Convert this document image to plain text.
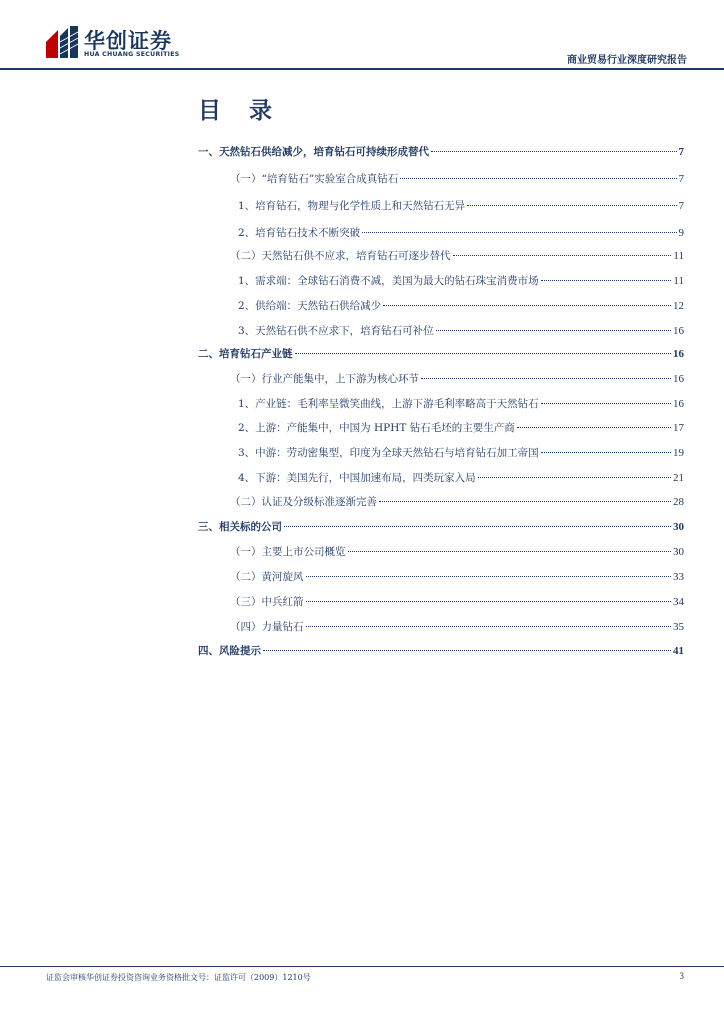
华创证券
HUA CHUANG SECURITIES
商业贸易行业深度研究报告
目 录
一、天然钻石供给减少，培育钻石可持续形成替代	7
（一）“培育钻石”实验室合成真钻石	7
1、培育钻石，物理与化学性质上和天然钻石无异	7
2、培育钻石技术不断突破	9
（二）天然钻石供不应求，培育钻石可逐步替代	11
1、需求端：全球钻石消费不减，美国为最大的钻石珠宝消费市场	11
2、供给端：天然钻石供给减少	12
3、天然钻石供不应求下，培育钻石可补位	16
二、培育钻石产业链	16
（一）行业产能集中，上下游为核心环节	16
1、产业链：毛利率呈微笑曲线，上游下游毛利率略高于天然钻石	16
2、上游：产能集中，中国为 HPHT 钻石毛坯的主要生产商	17
3、中游：劳动密集型，印度为全球天然钻石与培育钻石加工帝国	19
4、下游：美国先行，中国加速布局，四类玩家入局	21
（二）认证及分级标准逐渐完善	28
三、相关标的公司	30
（一）主要上市公司概览	30
（二）黄河旋风	33
（三）中兵红箭	34
（四）力量钻石	35
四、风险提示	41
证监会审核华创证券投资咨询业务资格批文号：证监许可（2009）1210号	3
